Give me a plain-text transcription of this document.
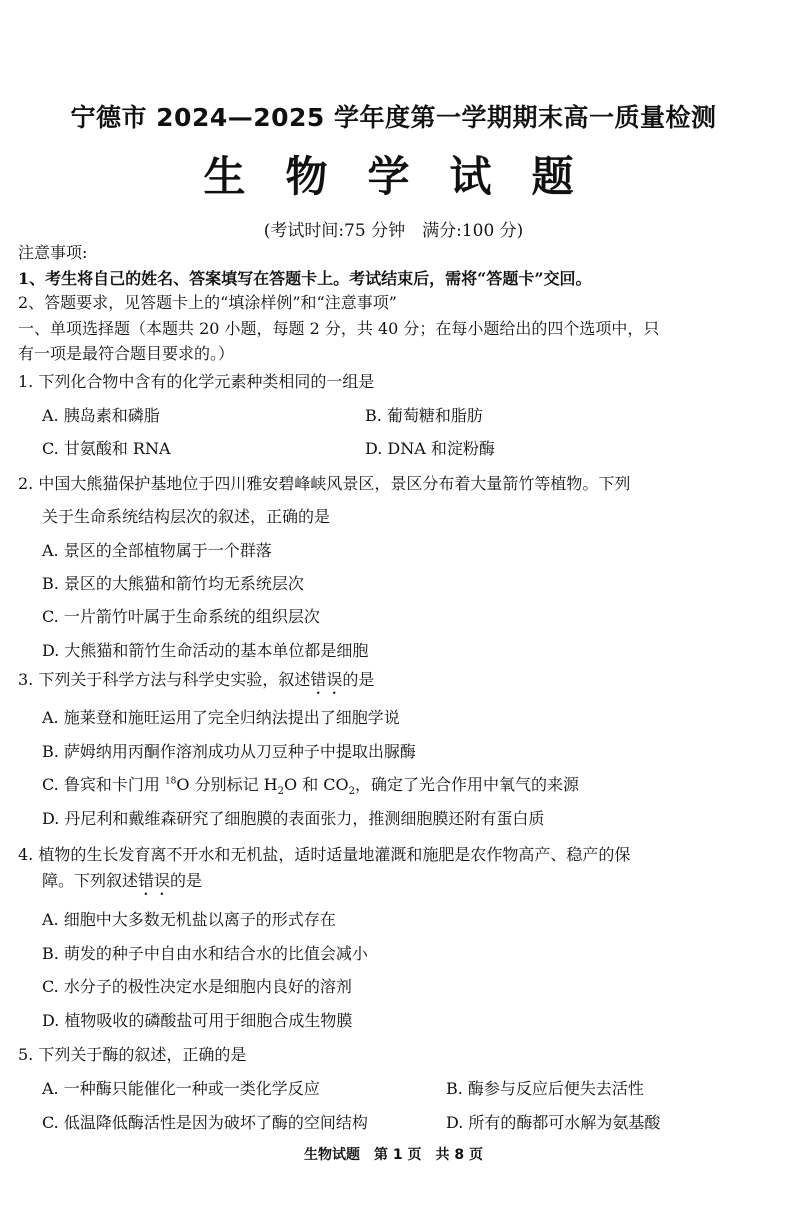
宁德市 2024—2025 学年度第一学期期末高一质量检测
生物学试题
(考试时间:75 分钟　满分:100 分)
注意事项:
1、考生将自己的姓名、答案填写在答题卡上。考试结束后，需将“答题卡”交回。
2、答题要求，见答题卡上的“填涂样例”和“注意事项”
一、单项选择题（本题共 20 小题，每题 2 分，共 40 分；在每小题给出的四个选项中，只
有一项是最符合题目要求的。）
1. 下列化合物中含有的化学元素种类相同的一组是
A. 胰岛素和磷脂	B. 葡萄糖和脂肪
C. 甘氨酸和 RNA	D. DNA 和淀粉酶
2. 中国大熊猫保护基地位于四川雅安碧峰峡风景区，景区分布着大量箭竹等植物。下列
关于生命系统结构层次的叙述，正确的是
A. 景区的全部植物属于一个群落
B. 景区的大熊猫和箭竹均无系统层次
C. 一片箭竹叶属于生命系统的组织层次
D. 大熊猫和箭竹生命活动的基本单位都是细胞
3. 下列关于科学方法与科学史实验，叙述错误的是
A. 施莱登和施旺运用了完全归纳法提出了细胞学说
B. 萨姆纳用丙酮作溶剂成功从刀豆种子中提取出脲酶
C. 鲁宾和卡门用 $^{18}$O 分别标记 $H_2O$ 和 $CO_2$，确定了光合作用中氧气的来源
D. 丹尼利和戴维森研究了细胞膜的表面张力，推测细胞膜还附有蛋白质
4. 植物的生长发育离不开水和无机盐，适时适量地灌溉和施肥是农作物高产、稳产的保
障。下列叙述错误的是
A. 细胞中大多数无机盐以离子的形式存在
B. 萌发的种子中自由水和结合水的比值会减小
C. 水分子的极性决定水是细胞内良好的溶剂
D. 植物吸收的磷酸盐可用于细胞合成生物膜
5. 下列关于酶的叙述，正确的是
A. 一种酶只能催化一种或一类化学反应	B. 酶参与反应后便失去活性
C. 低温降低酶活性是因为破坏了酶的空间结构	D. 所有的酶都可水解为氨基酸
生物试题　第 1 页　共 8 页
